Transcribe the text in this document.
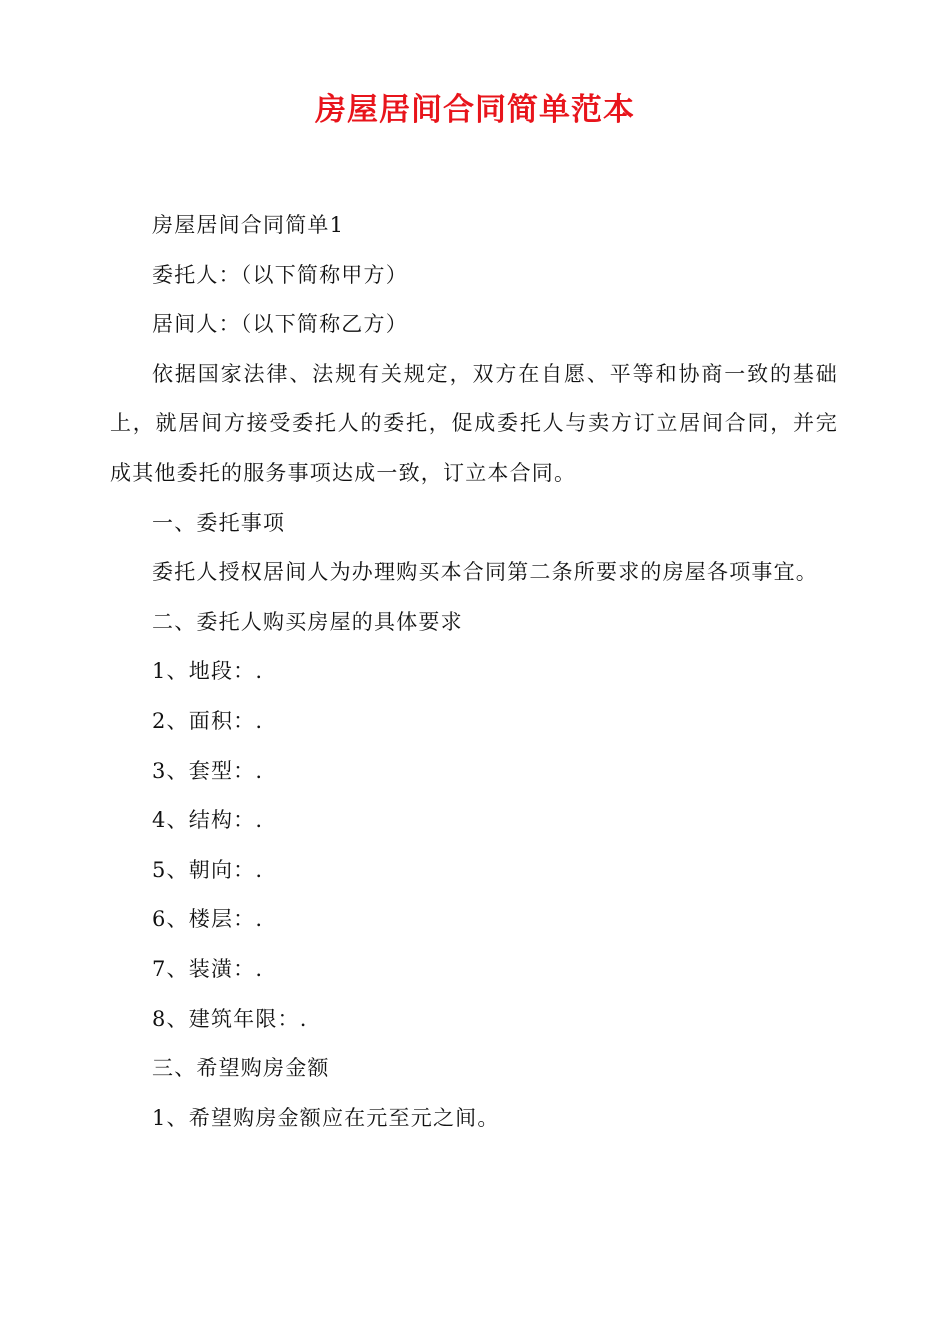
房屋居间合同简单范本

房屋居间合同简单1

委托人：（以下简称甲方）

居间人：（以下简称乙方）

依据国家法律、法规有关规定，双方在自愿、平等和协商一致的基础上，就居间方接受委托人的委托，促成委托人与卖方订立居间合同，并完成其他委托的服务事项达成一致，订立本合同。

一、委托事项

委托人授权居间人为办理购买本合同第二条所要求的房屋各项事宜。

二、委托人购买房屋的具体要求

1、地段：.

2、面积：.

3、套型：.

4、结构：.

5、朝向：.

6、楼层：.

7、装潢：.

8、建筑年限：.

三、希望购房金额

1、希望购房金额应在元至元之间。
